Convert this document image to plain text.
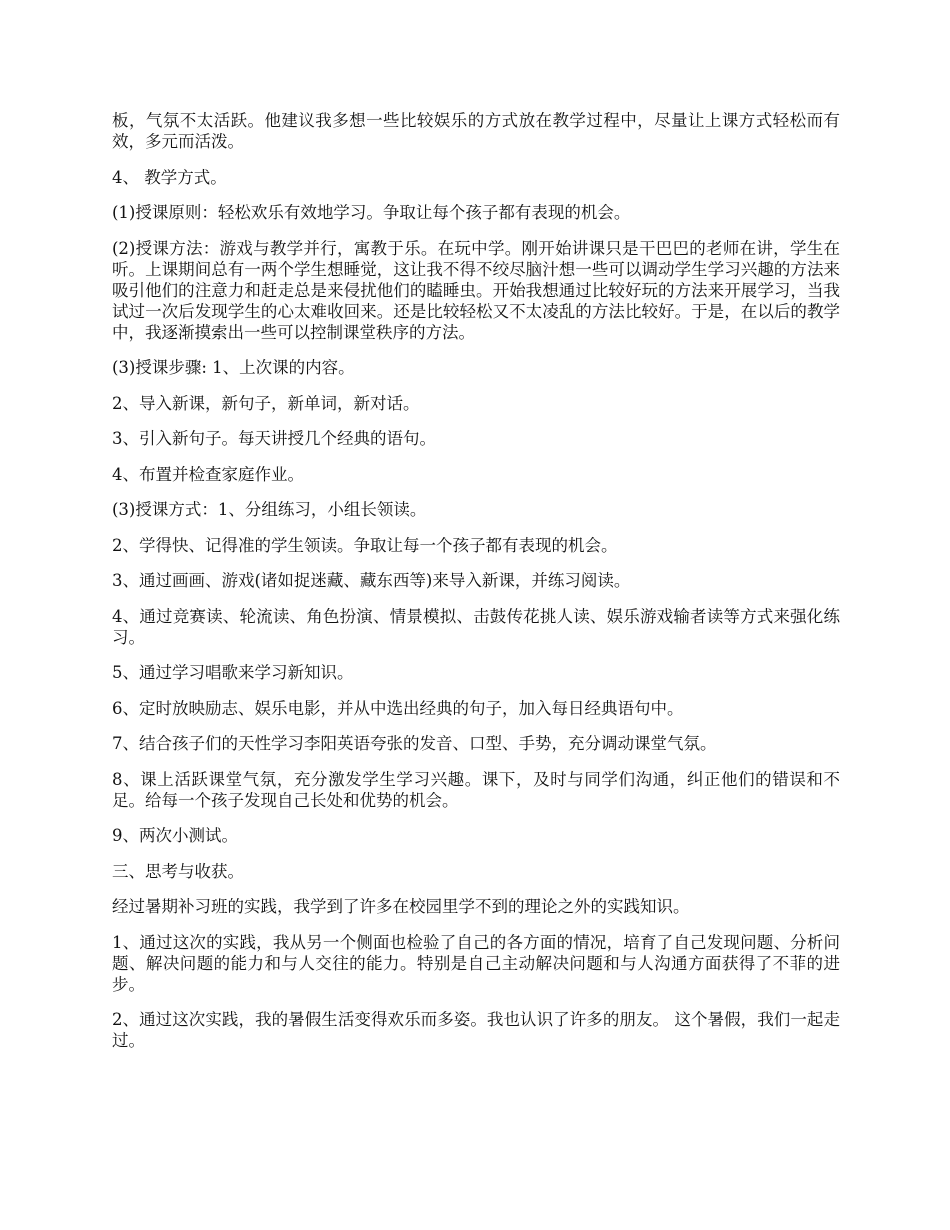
板，气氛不太活跃。他建议我多想一些比较娱乐的方式放在教学过程中，尽量让上课方式轻松而有效，多元而活泼。

4、 教学方式。

(1)授课原则：轻松欢乐有效地学习。争取让每个孩子都有表现的机会。

(2)授课方法：游戏与教学并行，寓教于乐。在玩中学。刚开始讲课只是干巴巴的老师在讲，学生在听。上课期间总有一两个学生想睡觉，这让我不得不绞尽脑汁想一些可以调动学生学习兴趣的方法来吸引他们的注意力和赶走总是来侵扰他们的瞌睡虫。开始我想通过比较好玩的方法来开展学习，当我试过一次后发现学生的心太难收回来。还是比较轻松又不太凌乱的方法比较好。于是，在以后的教学中，我逐渐摸索出一些可以控制课堂秩序的方法。

(3)授课步骤: 1、上次课的内容。

2、导入新课，新句子，新单词，新对话。

3、引入新句子。每天讲授几个经典的语句。

4、布置并检查家庭作业。

(3)授课方式：1、分组练习，小组长领读。

2、学得快、记得准的学生领读。争取让每一个孩子都有表现的机会。

3、通过画画、游戏(诸如捉迷藏、藏东西等)来导入新课，并练习阅读。

4、通过竞赛读、轮流读、角色扮演、情景模拟、击鼓传花挑人读、娱乐游戏输者读等方式来强化练习。

5、通过学习唱歌来学习新知识。

6、定时放映励志、娱乐电影，并从中选出经典的句子，加入每日经典语句中。

7、结合孩子们的天性学习李阳英语夸张的发音、口型、手势，充分调动课堂气氛。

8、课上活跃课堂气氛，充分激发学生学习兴趣。课下，及时与同学们沟通，纠正他们的错误和不足。给每一个孩子发现自己长处和优势的机会。

9、两次小测试。

三、思考与收获。

经过暑期补习班的实践，我学到了许多在校园里学不到的理论之外的实践知识。

1、通过这次的实践，我从另一个侧面也检验了自己的各方面的情况，培育了自己发现问题、分析问题、解决问题的能力和与人交往的能力。特别是自己主动解决问题和与人沟通方面获得了不菲的进步。

2、通过这次实践，我的暑假生活变得欢乐而多姿。我也认识了许多的朋友。 这个暑假，我们一起走过。
